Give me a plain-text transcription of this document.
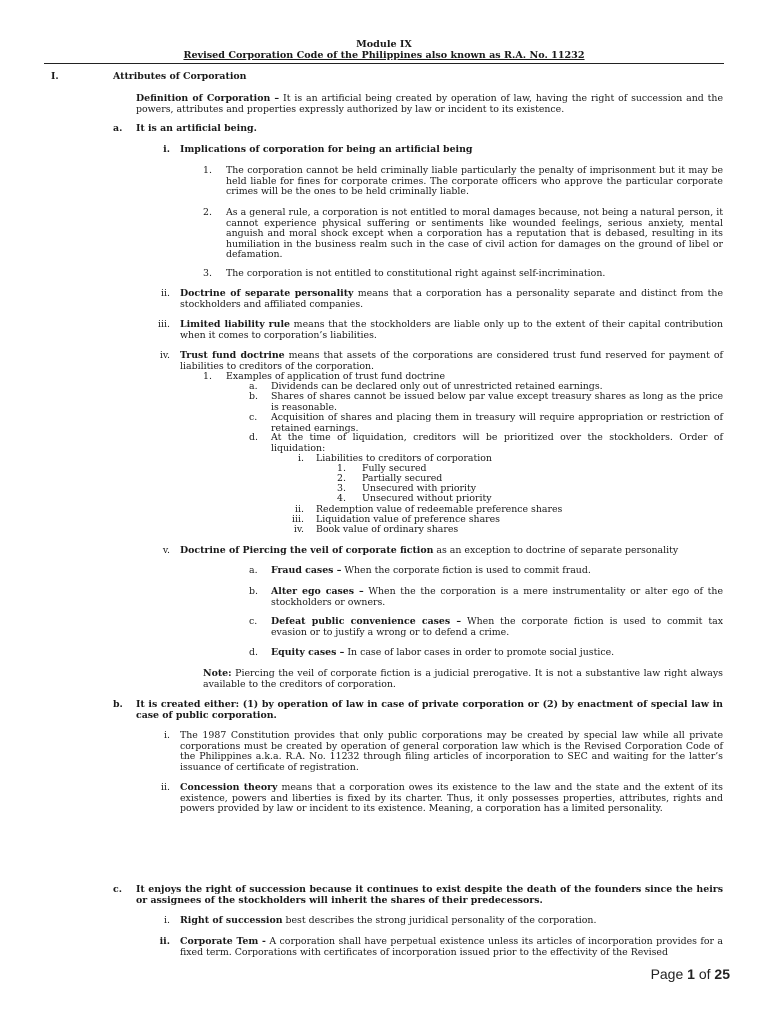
Module IX
Revised Corporation Code of the Philippines also known as R.A. No. 11232
I.	Attributes of Corporation
Definition of Corporation – It is an artificial being created by operation of law, having the right of succession and the powers, attributes and properties expressly authorized by law or incident to its existence.
a. It is an artificial being.
i. Implications of corporation for being an artificial being
1. The corporation cannot be held criminally liable particularly the penalty of imprisonment but it may be held liable for fines for corporate crimes. The corporate officers who approve the particular corporate crimes will be the ones to be held criminally liable.
2. As a general rule, a corporation is not entitled to moral damages because, not being a natural person, it cannot experience physical suffering or sentiments like wounded feelings, serious anxiety, mental anguish and moral shock except when a corporation has a reputation that is debased, resulting in its humiliation in the business realm such in the case of civil action for damages on the ground of libel or defamation.
3. The corporation is not entitled to constitutional right against self-incrimination.
ii. Doctrine of separate personality means that a corporation has a personality separate and distinct from the stockholders and affiliated companies.
iii. Limited liability rule means that the stockholders are liable only up to the extent of their capital contribution when it comes to corporation’s liabilities.
iv. Trust fund doctrine means that assets of the corporations are considered trust fund reserved for payment of liabilities to creditors of the corporation.
1. Examples of application of trust fund doctrine
a. Dividends can be declared only out of unrestricted retained earnings.
b. Shares of shares cannot be issued below par value except treasury shares as long as the price is reasonable.
c. Acquisition of shares and placing them in treasury will require appropriation or restriction of retained earnings.
d. At the time of liquidation, creditors will be prioritized over the stockholders. Order of liquidation:
i. Liabilities to creditors of corporation
1. Fully secured
2. Partially secured
3. Unsecured with priority
4. Unsecured without priority
ii. Redemption value of redeemable preference shares
iii. Liquidation value of preference shares
iv. Book value of ordinary shares
v. Doctrine of Piercing the veil of corporate fiction as an exception to doctrine of separate personality
a. Fraud cases – When the corporate fiction is used to commit fraud.
b. Alter ego cases – When the the corporation is a mere instrumentality or alter ego of the stockholders or owners.
c. Defeat public convenience cases – When the corporate fiction is used to commit tax evasion or to justify a wrong or to defend a crime.
d. Equity cases – In case of labor cases in order to promote social justice.
Note: Piercing the veil of corporate fiction is a judicial prerogative. It is not a substantive law right always available to the creditors of corporation.
b. It is created either: (1) by operation of law in case of private corporation or (2) by enactment of special law in case of public corporation.
i. The 1987 Constitution provides that only public corporations may be created by special law while all private corporations must be created by operation of general corporation law which is the Revised Corporation Code of the Philippines a.k.a. R.A. No. 11232 through filing articles of incorporation to SEC and waiting for the latter’s issuance of certificate of registration.
ii. Concession theory means that a corporation owes its existence to the law and the state and the extent of its existence, powers and liberties is fixed by its charter. Thus, it only possesses properties, attributes, rights and powers provided by law or incident to its existence. Meaning, a corporation has a limited personality.
c. It enjoys the right of succession because it continues to exist despite the death of the founders since the heirs or assignees of the stockholders will inherit the shares of their predecessors.
i. Right of succession best describes the strong juridical personality of the corporation.
ii. Corporate Tem - A corporation shall have perpetual existence unless its articles of incorporation provides for a fixed term. Corporations with certificates of incorporation issued prior to the effectivity of the Revised
Page 1 of 25
